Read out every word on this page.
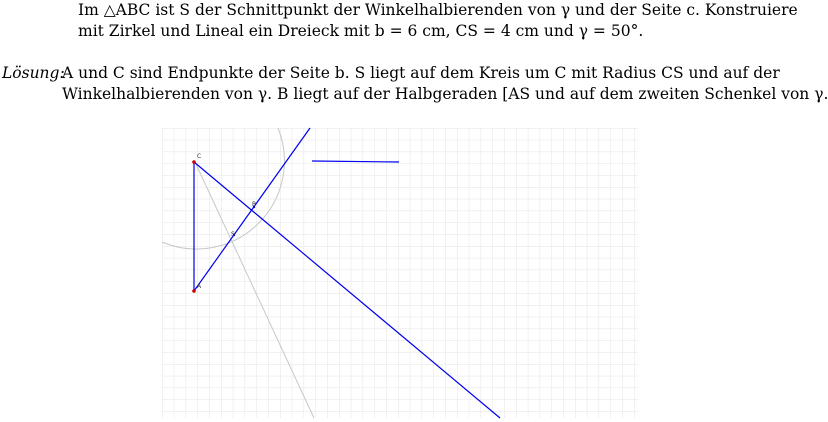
Im △ABC ist S der Schnittpunkt der Winkelhalbierenden von γ und der Seite c. Konstruiere
mit Zirkel und Lineal ein Dreieck mit b = 6 cm, CS = 4 cm und γ = 50°.
Lösung:
A und C sind Endpunkte der Seite b. S liegt auf dem Kreis um C mit Radius CS und auf der
Winkelhalbierenden von γ. B liegt auf der Halbgeraden [AS und auf dem zweiten Schenkel von γ.
C
A
B
S
